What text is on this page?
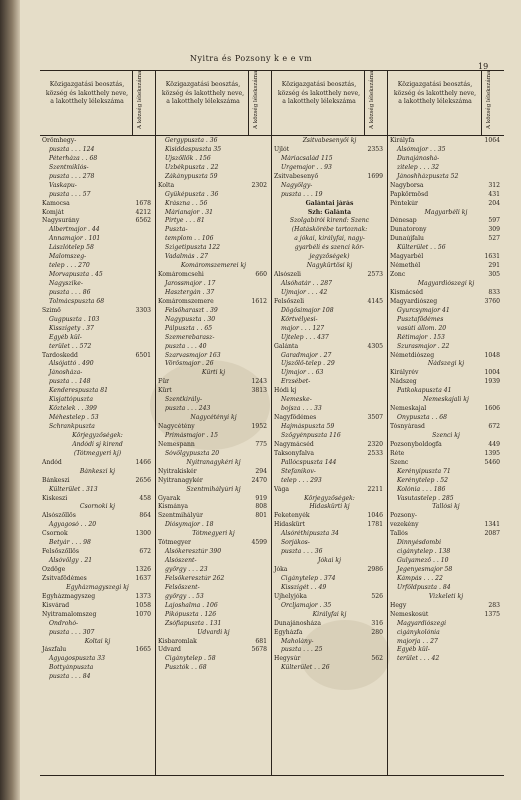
Nyitra és Pozsony k e e vm
19
Közigazgatási beosztás, község és lakotthely neve, a lakotthely lélekszáma	A község lélekszáma
Örömhegy-
puszta . . . 124
Péterháza . . 68
Szentmiklós-
puszta . . . 278
Vaskapu-
puszta . . . 57
Kamocsa	1678
Komját	4212
Nagysurány	6562
Albertmajor . 44
Annamajor . 101
Lászlótelep 58
Malomszeg-
telep . . . 270
Morvapuszta . 45
Nagyszike-
puszta . . . 86
Tolmácspuszta 68
Szimő	3303
Gugpuszta . 103
Kisszigety . 37
Egyéb kül-
terület . . 572
Tardoskedd	6501
Alsójattó . 490
Jánosháza-
puszta . . 148
Kenderespuszta 81
Kisjattópuszta
Köztelek . . 399
Méhestelep . 53
Schrankpuszta
Körjegyzőségek:
Andódi sj kirend
(Tótmegyeri kj)
Andód	1466
Bánkeszi kj
Bánkeszi	2656
Külterület . 313
Kiskeszi	458
Csornoki kj
Alsószőllős	864
Agyagosó . . 20
Csornok	1300
Betyár . . . 98
Felsőszőllős	672
Alsóvölgy . 21
Ózdöge	1326
Zsitvafödémes	1637
Egyházmagyszegi kj
Egyházmagyszeg	1373
Kisvárad	1058
Nyitramalomszeg	1070
Ondrohó-
puszta . . . 307
Koltai kj
Jászfalu	1665
Agyagospuszta 33
Bottyánpuszta
puszta . . . 84
Közigazgatási beosztás, község és lakotthely neve, a lakotthely lélekszáma	A község lélekszáma
Gergypuszta . 36
Kisiddaspuszta 35
Ujszőllők . 156
Üzbékpuszta . 22
Zákánypuszta 59
Kolta	2302
Gyüképuszta . 36
Krászna . . 56
Márianajor . 31
Pirtye . . . 81
Puszta-
templom . . 106
Szigetipuszta 122
Vadalmás . 27
Komáromszemerei kj
Komáromcsehi	660
Jarossmajor . 17
Hasztergán . 37
Komáromszemere	1612
Felsőharaszt . 39
Nagypuszta . 30
Pálpuszta . . 65
Szemerebarasz-
puszta . . . 40
Szarvasmajor 163
Vörösmajor . 26
Kürti kj
Für	1243
Kürt	3813
Szentkirály-
puszta . . . 243
Nagycétényi kj
Nagycétény	1952
Primásmajor . 15
Nemespann	775
Sóvölgypuszta 20
Nyitranagykéri kj
Nyitrakiskér	294
Nyitranagykér	2470
Szentmihályúri kj
Gyarak	919
Kismánya	808
Szentmihályúr	801
Diósymajor . 18
Tótmegyeri kj
Tótmegyer	4599
Alsókeresztúr 390
Alsószent-
györgy . . . 23
Felsőkeresztúr 262
Felsőszent-
györgy . . 53
Lajoshalma . 106
Pikópuszta . 126
Zsófiapuszta . 131
Udvardi kj
Kisbaromlak	681
Udvard	5678
Cigánytelep . 58
Pusztók . . 68
Közigazgatási beosztás, község és lakotthely neve, a lakotthely lélekszáma	A község lélekszáma
Zsitvabesenyői kj
Ujlót	2353
Máriacsalád 115
Ürgemajor . . 93
Zsitvabesenyő	1699
Nagyölgy-
puszta . . . 19
Galántai járás
Szh: Galánta
Szolgabírói kirend: Szenc
(Hatáskörébe tartoznak:
a jókai, királyfai, nagy-
gyarbéli és szenci kör-
jegyzőségek)
Nagykürtösi kj
Alsószeli	2573
Alsóhatár . . 287
Ujmajor . . . 42
Felsőszeli	4145
Dögősimajor 108
Körtvélyesi-
major . . . 127
Ujtelep . . . 437
Galánta	4305
Garadmajor . 27
Ujszőlő-telep . 29
Ujmajor . . 63
Erzsébet-
Hódi kj
Nemeske-
bojsza . . . 33
Nagyfödémes	3507
Hajmáspuszta 59
Szőgyénpuszta 116
Nagymácséd	2320
Taksonyfalva	2533
Pallócspuszta 144
Stefanikov-
telep . . . 293
Vága	2211
Körjegyzőségek:
Hidaskürti kj
Feketenyék	1046
Hidaskürt	1781
Alsóréthipuszta 34
Sorjákos-
puszta . . . 36
Jókai kj
Jóka	2986
Cigánytelep . 374
Kisszigét . . 49
Ujhelyjóka	526
Orcljamajor . 35
Királyfai kj
Dunajánosháza	316
Egyházfa	280
Maholány-
puszta . . . 25
Hegysúr	562
Külterület . . 26
Közigazgatási beosztás, község és lakotthely neve, a lakotthely lélekszáma	A község lélekszáma
Királyfa	1064
Alsómajor . . 35
Dunajánoshá-
zitelep . . . 32
Jánoshházpuszta 52
Nagyborsa	312
Papkörmösd	431
Péntekúr	204
Magyarbéli kj
Dénesap	597
Dunatorony	309
Dunaújfalu	527
Külterület . . 56
Magyarbél	1631
Némethél	291
Zonc	305
Magyardiószegi kj
Kismácséd	833
Magyardiószeg	3760
Gyurcsymajor 41
Pusztafödémes
vasúti állom. 20
Rétimajor . 153
Szurasmajor . 22
Németdiószeg	1048
Nádszegi kj
Királyrév	1004
Nádszeg	1939
Patkokapuszta 41
Nemeskajali kj
Nemeskajal	1606
Onypuszta . . 68
Tósnyárasd	672
Szenci kj
Pozsonyboldogfa	449
Réte	1395
Szenc	5460
Kerényipuszta 71
Kerénytelep . 52
Kolónia . . . 186
Vasutastelep . 285
Tallósi kj
Pozsony-
vezekény	1341
Tallós	2087
Dinnyésdombi
cigánytelep . 138
Gulyamező . . 10
Jegenyesmajor 58
Kámpás . . . 22
Urföldpuszta . 84
Vizkeleti kj
Hegy	283
Nemeskosút	1375
Magyardiószegi
cigánykolónia
majorja . . 27
Egyéb kül-
terület . . . 42
